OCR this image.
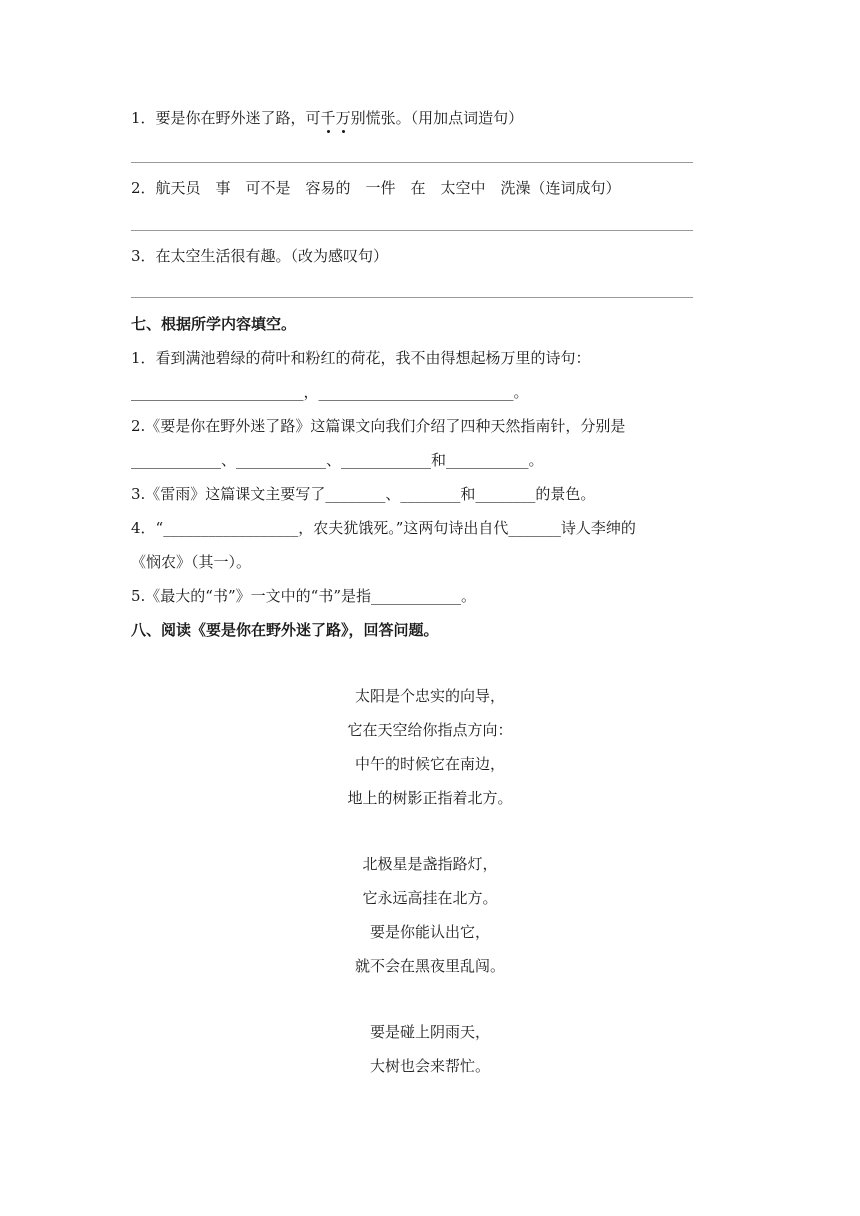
1．要是你在野外迷了路，可千万别慌张。（用加点词造句）
2．航天员　事　可不是　容易的　一件　在　太空中　洗澡（连词成句）
3．在太空生活很有趣。（改为感叹句）
七、根据所学内容填空。
1．看到满池碧绿的荷叶和粉红的荷花，我不由得想起杨万里的诗句：
_______________________，__________________________。
2.《要是你在野外迷了路》这篇课文向我们介绍了四种天然指南针，分别是
____________、____________、____________和___________。
3.《雷雨》这篇课文主要写了________、________和________的景色。
4．“__________________，农夫犹饿死。”这两句诗出自代_______诗人李绅的
《悯农》（其一）。
5.《最大的“书”》一文中的“书”是指____________。
八、阅读《要是你在野外迷了路》，回答问题。
太阳是个忠实的向导，
它在天空给你指点方向：
中午的时候它在南边，
地上的树影正指着北方。
北极星是盏指路灯，
它永远高挂在北方。
要是你能认出它，
就不会在黑夜里乱闯。
要是碰上阴雨天，
大树也会来帮忙。
